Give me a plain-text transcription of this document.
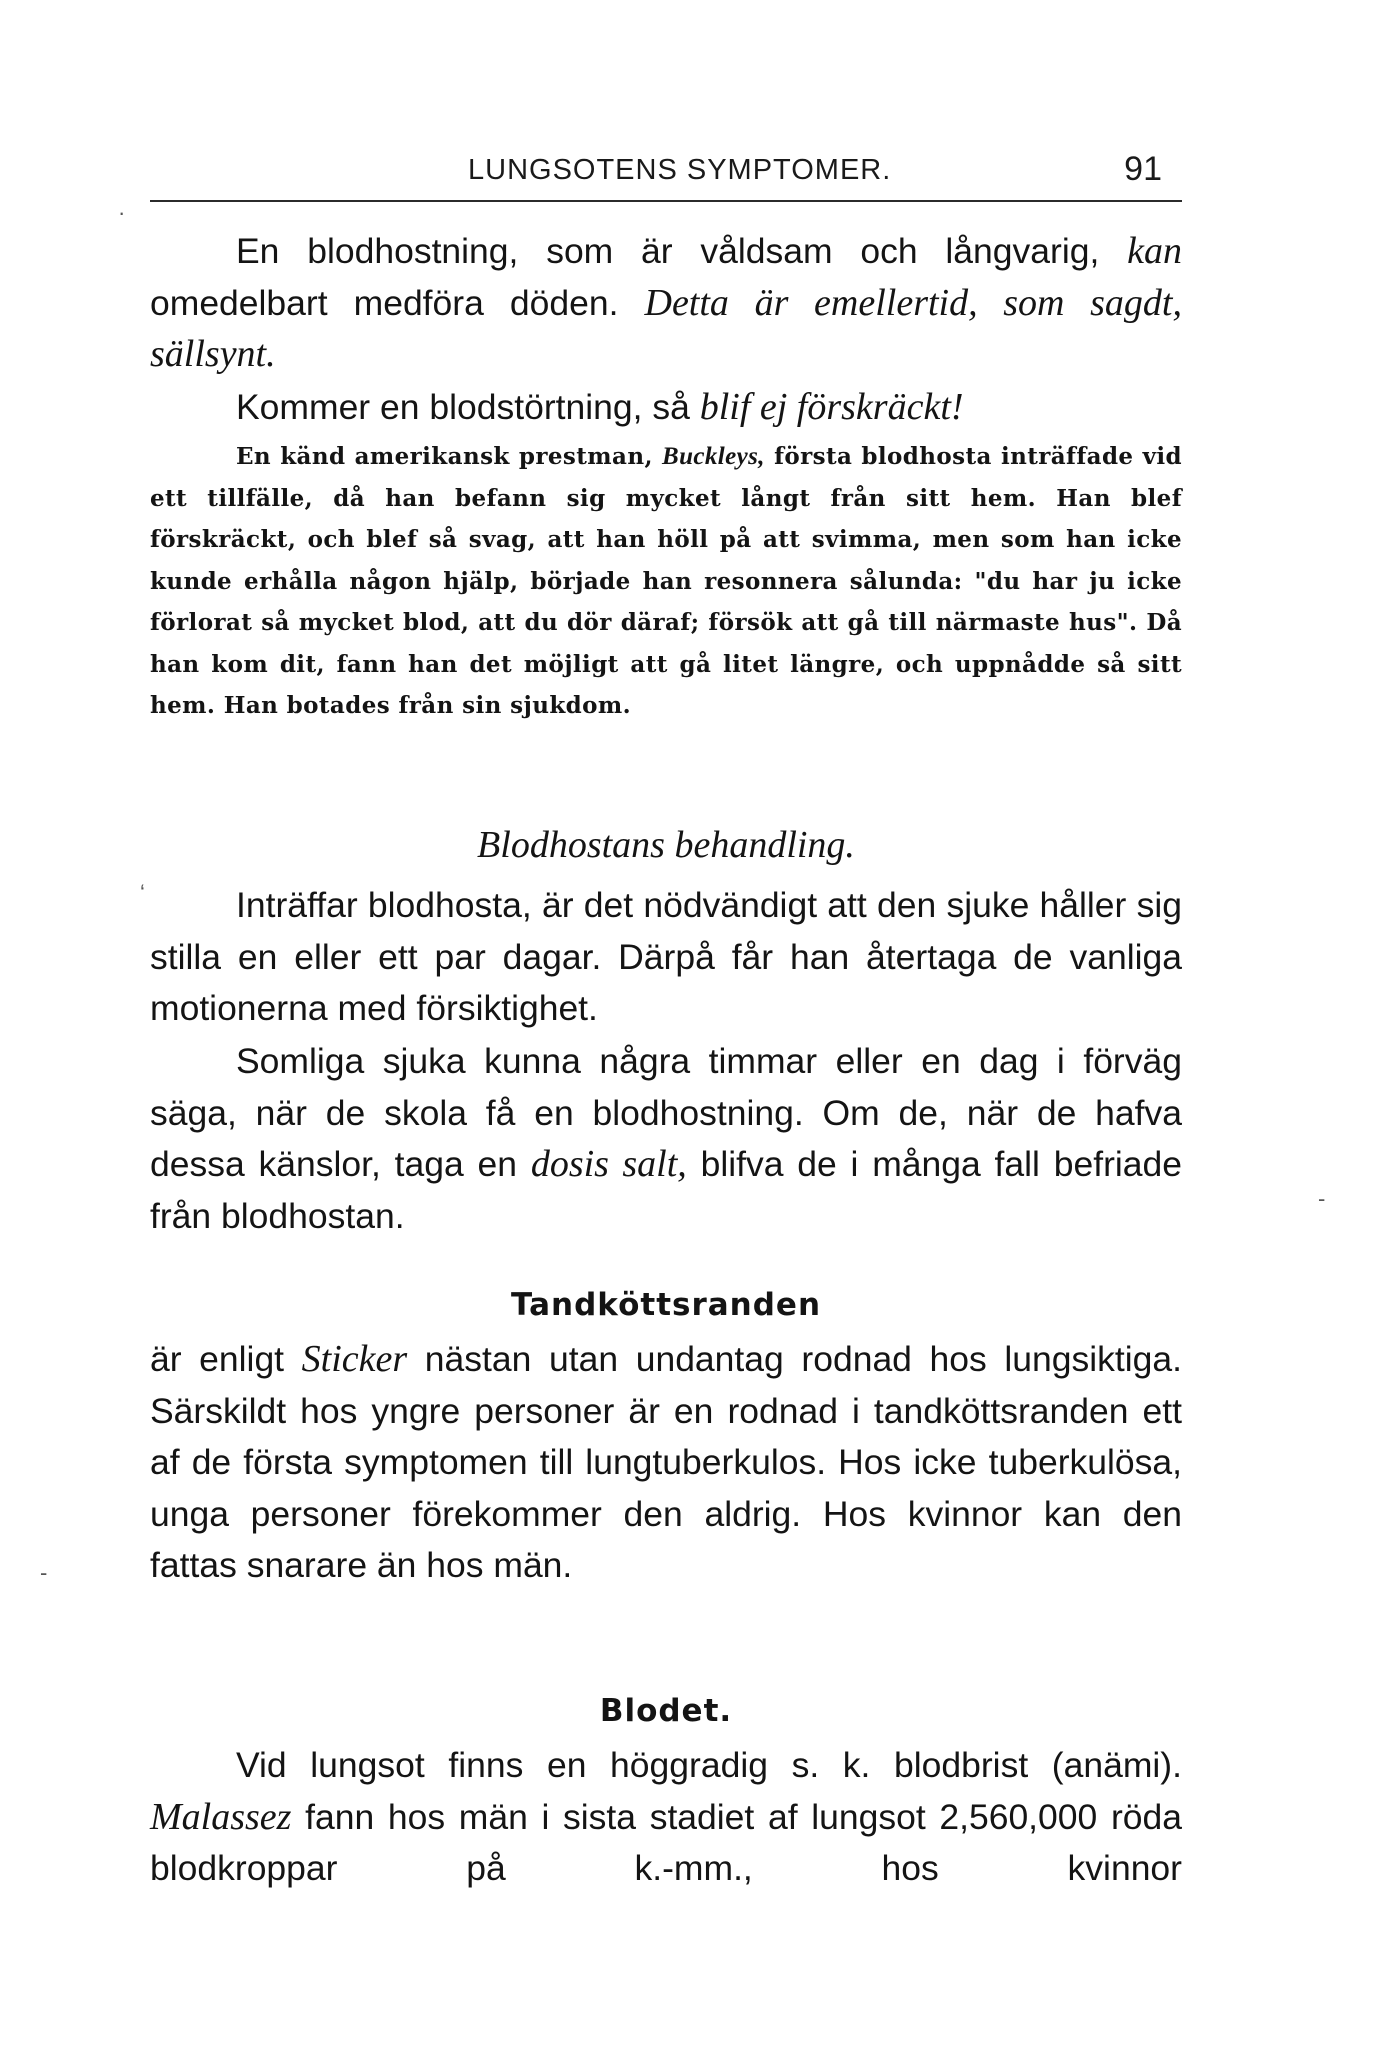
LUNGSOTENS SYMPTOMER.	91

En blodhostning, som är våldsam och långvarig, kan omedelbart medföra döden. Detta är emellertid, som sagdt, sällsynt.

Kommer en blodstörtning, så blif ej förskräckt!

En känd amerikansk prestman, Buckleys, första blodhosta inträffade vid ett tillfälle, då han befann sig mycket långt från sitt hem. Han blef förskräckt, och blef så svag, att han höll på att svimma, men som han icke kunde erhålla någon hjälp, började han resonnera sålunda: "du har ju icke förlorat så mycket blod, att du dör däraf; försök att gå till närmaste hus". Då han kom dit, fann han det möjligt att gå litet längre, och uppnådde så sitt hem. Han botades från sin sjukdom.

Blodhostans behandling.

Inträffar blodhosta, är det nödvändigt att den sjuke håller sig stilla en eller ett par dagar. Därpå får han återtaga de vanliga motionerna med försiktighet.

Somliga sjuka kunna några timmar eller en dag i förväg säga, när de skola få en blodhostning. Om de, när de hafva dessa känslor, taga en dosis salt, blifva de i många fall befriade från blodhostan.

Tandköttsranden

är enligt Sticker nästan utan undantag rodnad hos lungsiktiga. Särskildt hos yngre personer är en rodnad i tandköttsranden ett af de första symptomen till lungtuberkulos. Hos icke tuberkulösa, unga personer förekommer den aldrig. Hos kvinnor kan den fattas snarare än hos män.

Blodet.

Vid lungsot finns en höggradig s. k. blodbrist (anämi). Malassez fann hos män i sista stadiet af lungsot 2,560,000 röda blodkroppar på k.-mm., hos kvinnor

·
‘
-
-
